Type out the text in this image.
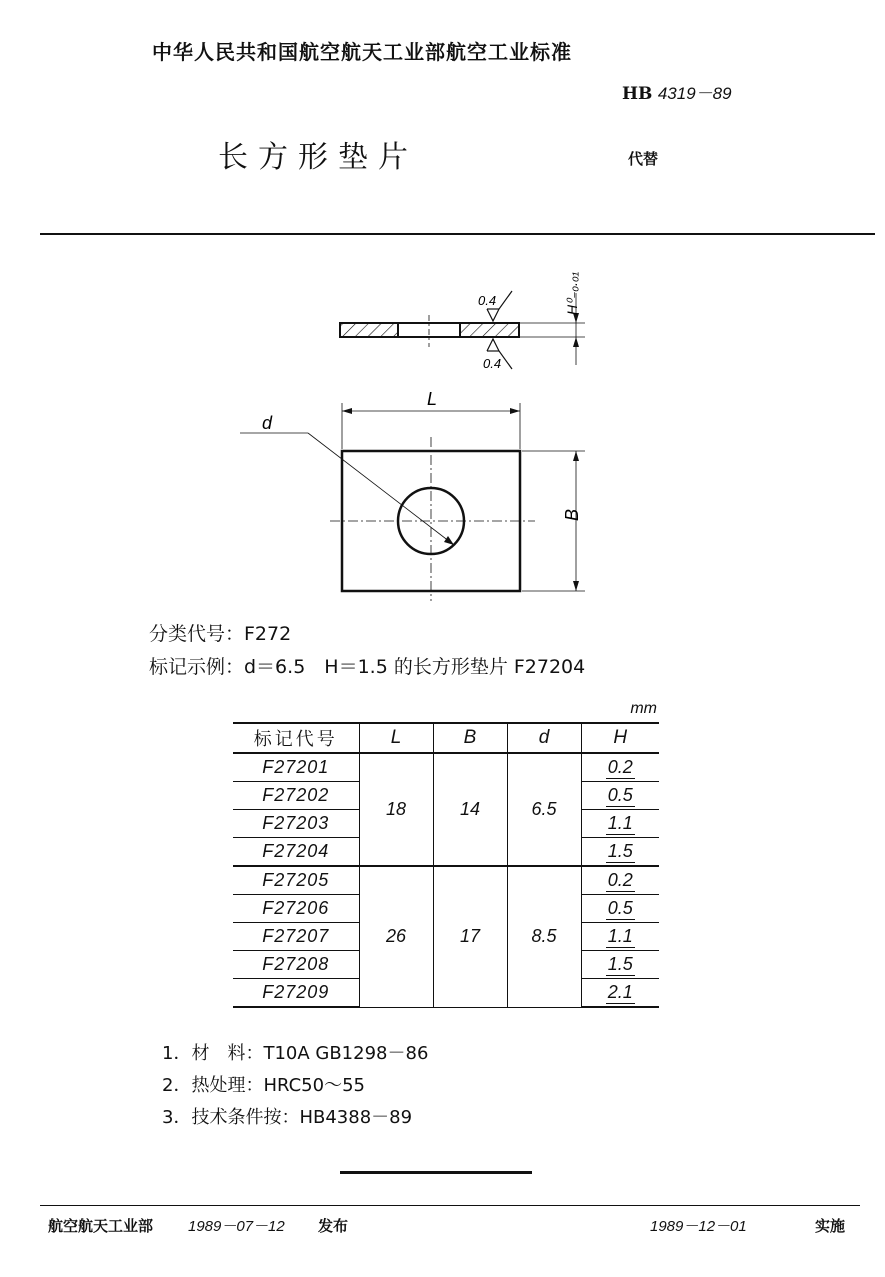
中华人民共和国航空航天工业部航空工业标准
HB 4319－89
长方形垫片	代替
H⁰₋₀.₀₁
0.4
0.4
L
B
d
分类代号：F272
标记示例：d＝6.5　H＝1.5 的长方形垫片 F27204
mm
标记代号	L	B	d	H
F27201	18	14	6.5	0.2
F27202				0.5
F27203				1.1
F27204				1.5
F27205	26	17	8.5	0.2
F27206				0.5
F27207				1.1
F27208				1.5
F27209				2.1
1．材　料：T10A GB1298－86
2．热处理：HRC50～55
3．技术条件按：HB4388－89
航空航天工业部 1989－07－12 发布	1989－12－01	实施
